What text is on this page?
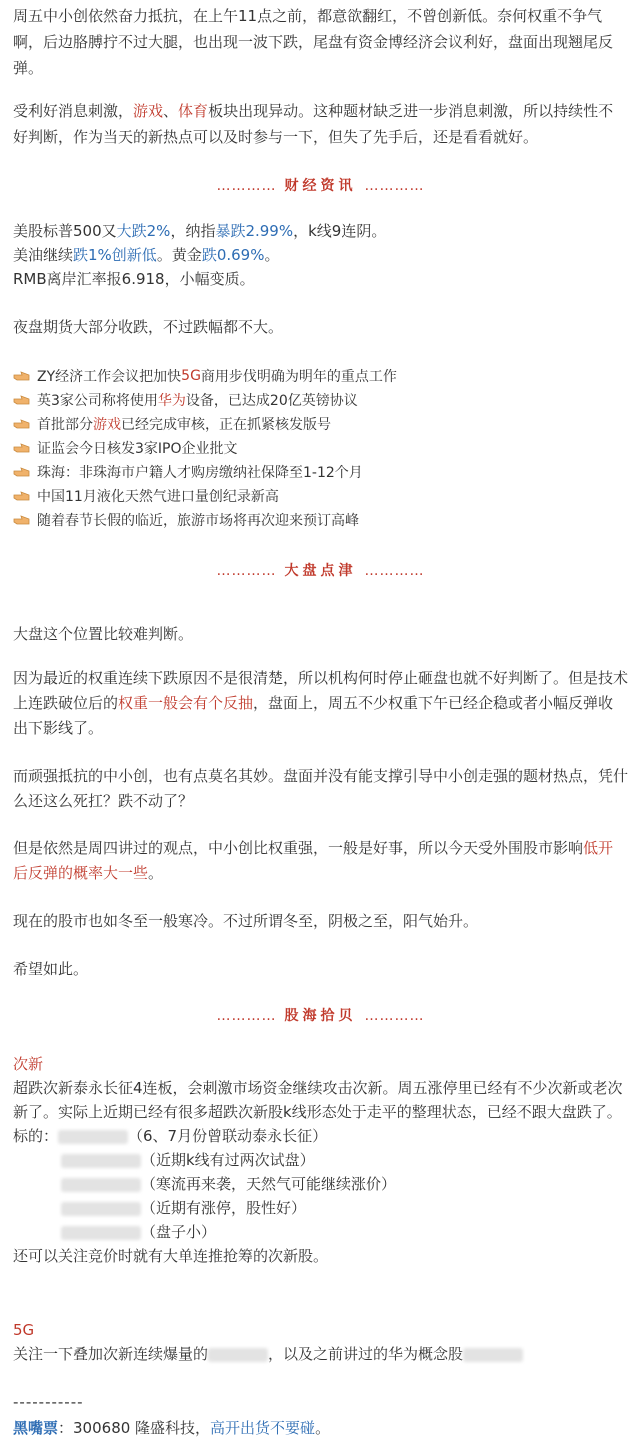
周五中小创依然奋力抵抗，在上午11点之前，都意欲翻红，不曾创新低。奈何权重不争气啊，后边胳膊拧不过大腿，也出现一波下跌，尾盘有资金博经济会议利好，盘面出现翘尾反弹。

受利好消息刺激，游戏、体育板块出现异动。这种题材缺乏进一步消息刺激，所以持续性不好判断，作为当天的新热点可以及时参与一下，但失了先手后，还是看看就好。

………… 财经资讯 …………

美股标普500又大跌2%，纳指暴跌2.99%，k线9连阴。

美油继续跌1%创新低。黄金跌0.69%。

RMB离岸汇率报6.918，小幅变质。

夜盘期货大部分收跌，不过跌幅都不大。

ZY经济工作会议把加快 5G 商用步伐明确为明年的重点工作
英3家公司称将使用 华为 设备，已达成20亿英镑协议
首批部分 游戏 已经完成审核，正在抓紧核发版号
证监会今日核发3家IPO企业批文
珠海：非珠海市户籍人才购房缴纳社保降至1-12个月
中国11月液化天然气进口量创纪录新高
随着春节长假的临近，旅游市场将再次迎来预订高峰
………… 大盘点津 …………

大盘这个位置比较难判断。

因为最近的权重连续下跌原因不是很清楚，所以机构何时停止砸盘也就不好判断了。但是技术上连跌破位后的权重一般会有个反抽，盘面上，周五不少权重下午已经企稳或者小幅反弹收出下影线了。

而顽强抵抗的中小创，也有点莫名其妙。盘面并没有能支撑引导中小创走强的题材热点，凭什么还这么死扛？跌不动了？

但是依然是周四讲过的观点，中小创比权重强，一般是好事，所以今天受外围股市影响低开后反弹的概率大一些。

现在的股市也如冬至一般寒冷。不过所谓冬至，阴极之至，阳气始升。

希望如此。

………… 股海拾贝 …………

次新

超跌次新泰永长征4连板，会刺激市场资金继续攻击次新。周五涨停里已经有不少次新或老次新了。实际上近期已经有很多超跌次新股k线形态处于走平的整理状态，已经不跟大盘跌了。

标的：	（6、7月份曾联动泰永长征）
（近期k线有过两次试盘）
（寒流再来袭，天然气可能继续涨价）
（近期有涨停，股性好）
（盘子小）

还可以关注竞价时就有大单连推抢筹的次新股。

5G

关注一下叠加次新连续爆量的	，以及之前讲过的华为概念股

-----------

黑嘴票：300680 隆盛科技，高开出货不要碰。
